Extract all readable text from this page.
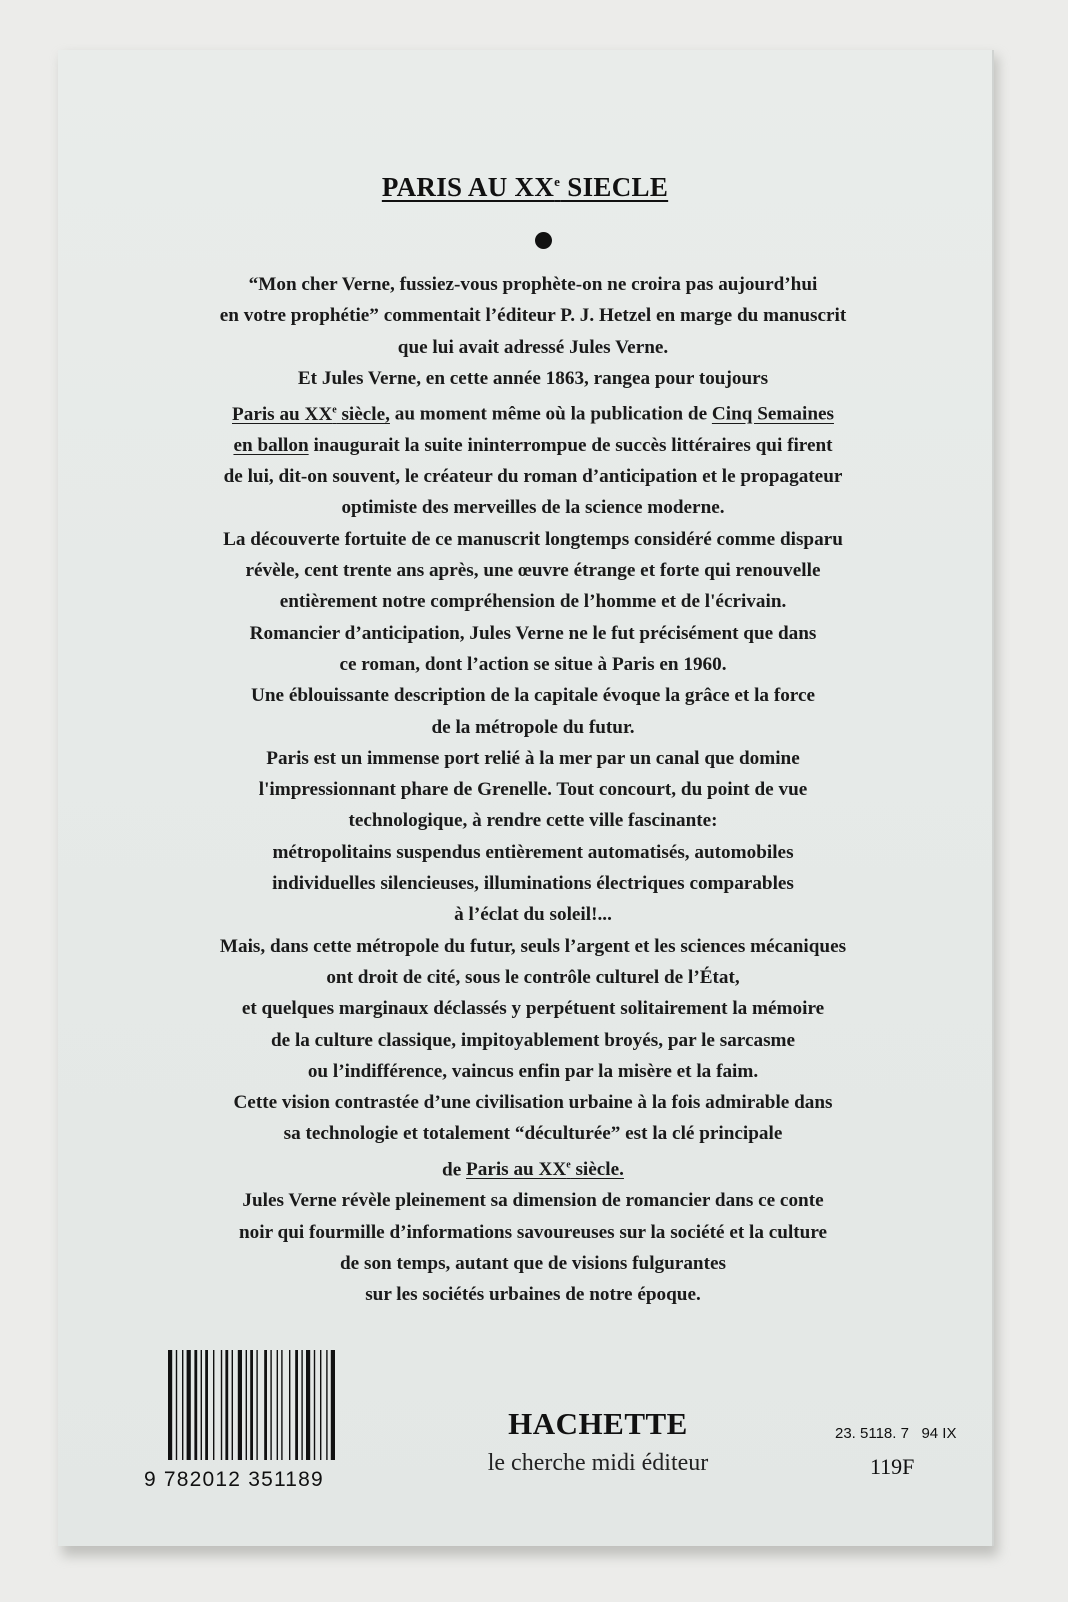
PARIS AU XXe SIECLE

“Mon cher Verne, fussiez-vous prophète-on ne croira pas aujourd’hui

en votre prophétie” commentait l’éditeur P. J. Hetzel en marge du manuscrit

que lui avait adressé Jules Verne.

Et Jules Verne, en cette année 1863, rangea pour toujours

Paris au XXe siècle, au moment même où la publication de Cinq Semaines

en ballon inaugurait la suite ininterrompue de succès littéraires qui firent

de lui, dit-on souvent, le créateur du roman d’anticipation et le propagateur

optimiste des merveilles de la science moderne.

La découverte fortuite de ce manuscrit longtemps considéré comme disparu

révèle, cent trente ans après, une œuvre étrange et forte qui renouvelle

entièrement notre compréhension de l’homme et de l'écrivain.

Romancier d’anticipation, Jules Verne ne le fut précisément que dans

ce roman, dont l’action se situe à Paris en 1960.

Une éblouissante description de la capitale évoque la grâce et la force

de la métropole du futur.

Paris est un immense port relié à la mer par un canal que domine

l'impressionnant phare de Grenelle. Tout concourt, du point de vue

technologique, à rendre cette ville fascinante:

métropolitains suspendus entièrement automatisés, automobiles

individuelles silencieuses, illuminations électriques comparables

à l’éclat du soleil!...

Mais, dans cette métropole du futur, seuls l’argent et les sciences mécaniques

ont droit de cité, sous le contrôle culturel de l’État,

et quelques marginaux déclassés y perpétuent solitairement la mémoire

de la culture classique, impitoyablement broyés, par le sarcasme

ou l’indifférence, vaincus enfin par la misère et la faim.

Cette vision contrastée d’une civilisation urbaine à la fois admirable dans

sa technologie et totalement “déculturée” est la clé principale

de Paris au XXe siècle.

Jules Verne révèle pleinement sa dimension de romancier dans ce conte

noir qui fourmille d’informations savoureuses sur la société et la culture

de son temps, autant que de visions fulgurantes

sur les sociétés urbaines de notre époque.

9 782012 351189
HACHETTE
le cherche midi éditeur
23. 5118. 7   94 IX
119F
